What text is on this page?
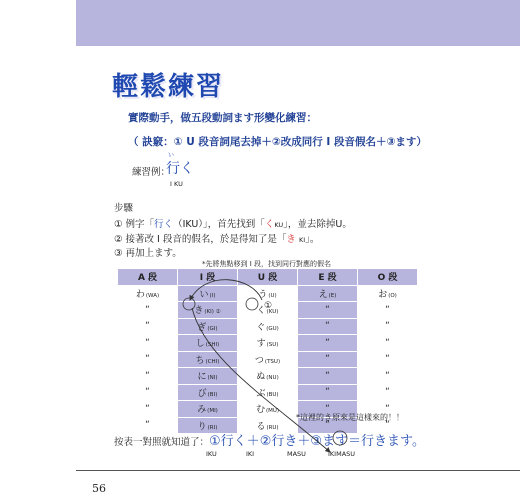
輕鬆練習
實際動手，做五段動詞ます形變化練習：
（ 訣竅：① U 段音詞尾去掉＋②改成同行 I 段音假名＋③ます）
練習例：
い
行く
I KU
步驟
① 例字「行く（IKU）」，首先找到「くKU」，並去除掉U。
② 接著改 I 段音的假名，於是得知了是「き KI」。
③ 再加上ます。
*先將焦點移到 I 段，找到同行對應的假名
A 段	I 段	U 段	E 段	O 段
わ(WA)	い(I)	う(U)	え(E)	お(O)
“	き(KI) ②	く(KU)	“	“
“	ぎ(GI)	ぐ(GU)	“	“
“	し(SHI)	す(SU)	“	“
“	ち(CHI)	つ(TSU)	“	“
“	に(NI)	ぬ(NU)	“	“
“	び(BI)	ぶ(BU)	“	“
“	み(MI)	む(MU)	“	“
“	り(RI)	る(RU)	“	“
*這裡的き原來是這樣來的！！
按表一對照就知道了：①行く＋②行き＋③ます＝行きます。
IKU	IKI	MASU	IKIMASU
①
56
